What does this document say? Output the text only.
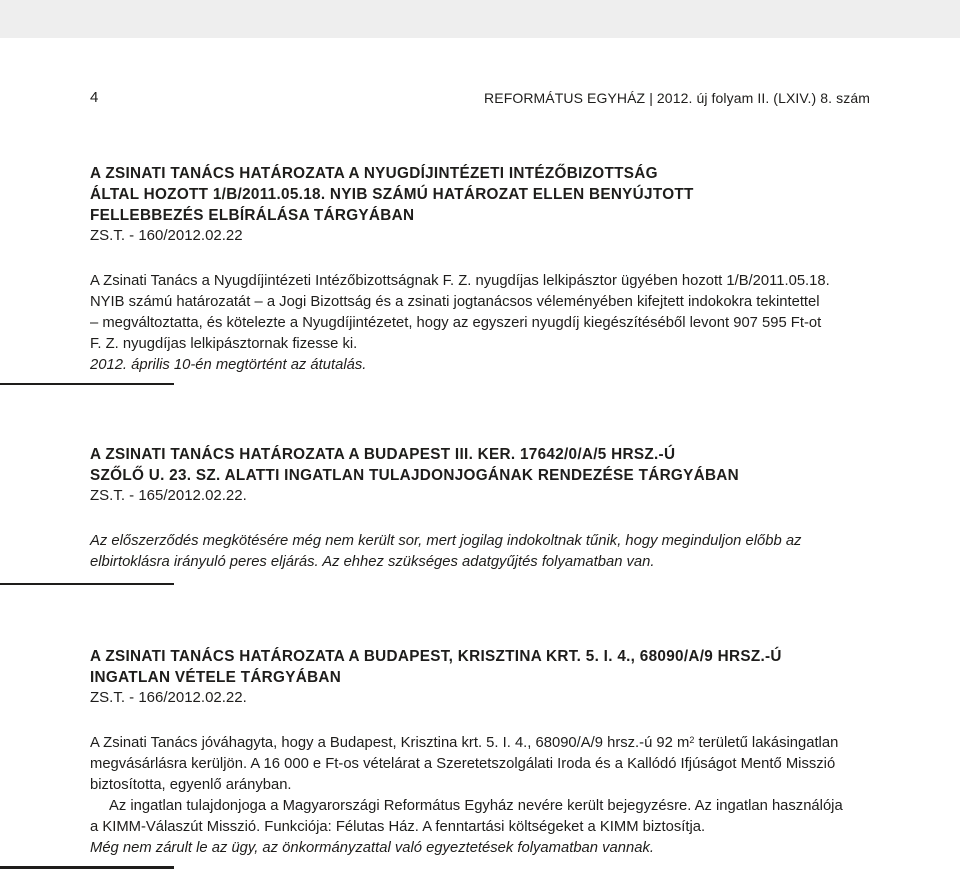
4	REFORMÁTUS EGYHÁZ | 2012. új folyam II. (LXIV.) 8. szám
A ZSINATI TANÁCS HATÁROZATA A NYUGDÍJINTÉZETI INTÉZŐBIZOTTSÁG
ÁLTAL HOZOTT 1/B/2011.05.18. NYIB SZÁMÚ HATÁROZAT ELLEN BENYÚJTOTT
FELLEBBEZÉS ELBÍRÁLÁSA TÁRGYÁBAN
ZS.T. - 160/2012.02.22
A Zsinati Tanács a Nyugdíjintézeti Intézőbizottságnak F. Z. nyugdíjas lelkipásztor ügyében hozott 1/B/2011.05.18.
NYIB számú határozatát – a Jogi Bizottság és a zsinati jogtanácsos véleményében kifejtett indokokra tekintettel
– megváltoztatta, és kötelezte a Nyugdíjintézetet, hogy az egyszeri nyugdíj kiegészítéséből levont 907 595 Ft-ot
F. Z. nyugdíjas lelkipásztornak fizesse ki.
2012. április 10-én megtörtént az átutalás.
A ZSINATI TANÁCS HATÁROZATA A BUDAPEST III. KER. 17642/0/A/5 HRSZ.-Ú
SZŐLŐ U. 23. SZ. ALATTI INGATLAN TULAJDONJOGÁNAK RENDEZÉSE TÁRGYÁBAN
ZS.T. - 165/2012.02.22.
Az előszerződés megkötésére még nem került sor, mert jogilag indokoltnak tűnik, hogy meginduljon előbb az
elbirtoklásra irányuló peres eljárás. Az ehhez szükséges adatgyűjtés folyamatban van.
A ZSINATI TANÁCS HATÁROZATA A BUDAPEST, KRISZTINA KRT. 5. I. 4., 68090/A/9 HRSZ.-Ú
INGATLAN VÉTELE TÁRGYÁBAN
ZS.T. - 166/2012.02.22.
A Zsinati Tanács jóváhagyta, hogy a Budapest, Krisztina krt. 5. I. 4., 68090/A/9 hrsz.-ú 92 $m^2$ területű lakásingatlan
megvásárlásra kerüljön. A 16 000 e Ft-os vételárat a Szeretetszolgálati Iroda és a Kallódó Ifjúságot Mentő Misszió
biztosította, egyenlő arányban.
Az ingatlan tulajdonjoga a Magyarországi Református Egyház nevére került bejegyzésre. Az ingatlan használója
a KIMM-Válaszút Misszió. Funkciója: Félutas Ház. A fenntartási költségeket a KIMM biztosítja.
Még nem zárult le az ügy, az önkormányzattal való egyeztetések folyamatban vannak.
